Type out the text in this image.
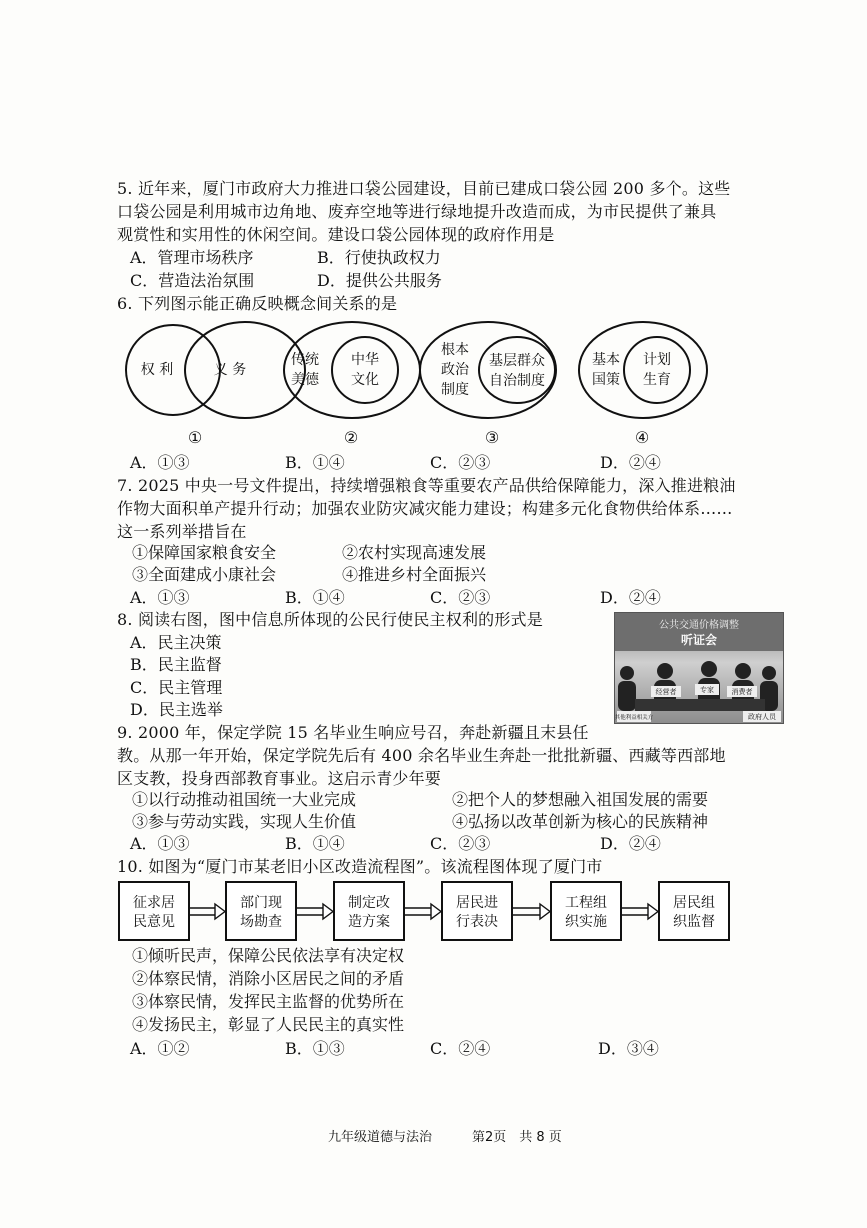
5. 近年来，厦门市政府大力推进口袋公园建设，目前已建成口袋公园 200 多个。这些
口袋公园是利用城市边角地、废弃空地等进行绿地提升改造而成，为市民提供了兼具
观赏性和实用性的休闲空间。建设口袋公园体现的政府作用是
A．管理市场秩序	B．行使执政权力
C．营造法治氛围	D．提供公共服务
6. 下列图示能正确反映概念间关系的是
权 利	义 务
传统
美德
中华
文化
根本
政治
制度
基层群众
自治制度
基本
国策
计划
生育
①	②	③	④
A．①③	B．①④	C．②③	D．②④
7. 2025 中央一号文件提出，持续增强粮食等重要农产品供给保障能力，深入推进粮油
作物大面积单产提升行动；加强农业防灾减灾能力建设；构建多元化食物供给体系……
这一系列举措旨在
①保障国家粮食安全	②农村实现高速发展
③全面建成小康社会	④推进乡村全面振兴
A．①③	B．①④	C．②③	D．②④
8. 阅读右图，图中信息所体现的公民行使民主权利的形式是
A．民主决策
B．民主监督
C．民主管理
D．民主选举
公共交通价格调整
听证会
经营者	专家	消费者
其他利益相关方	政府人员
9. 2000 年，保定学院 15 名毕业生响应号召，奔赴新疆且末县任
教。从那一年开始，保定学院先后有 400 余名毕业生奔赴一批批新疆、西藏等西部地
区支教，投身西部教育事业。这启示青少年要
①以行动推动祖国统一大业完成	②把个人的梦想融入祖国发展的需要
③参与劳动实践，实现人生价值	④弘扬以改革创新为核心的民族精神
A．①③	B．①④	C．②③	D．②④
10. 如图为“厦门市某老旧小区改造流程图”。该流程图体现了厦门市
征求居
民意见
部门现
场勘查
制定改
造方案
居民进
行表决
工程组
织实施
居民组
织监督
①倾听民声，保障公民依法享有决定权
②体察民情，消除小区居民之间的矛盾
③体察民情，发挥民主监督的优势所在
④发扬民主，彰显了人民民主的真实性
A．①②	B．①③	C．②④	D．③④
九年级道德与法治	第2页　共 8 页
